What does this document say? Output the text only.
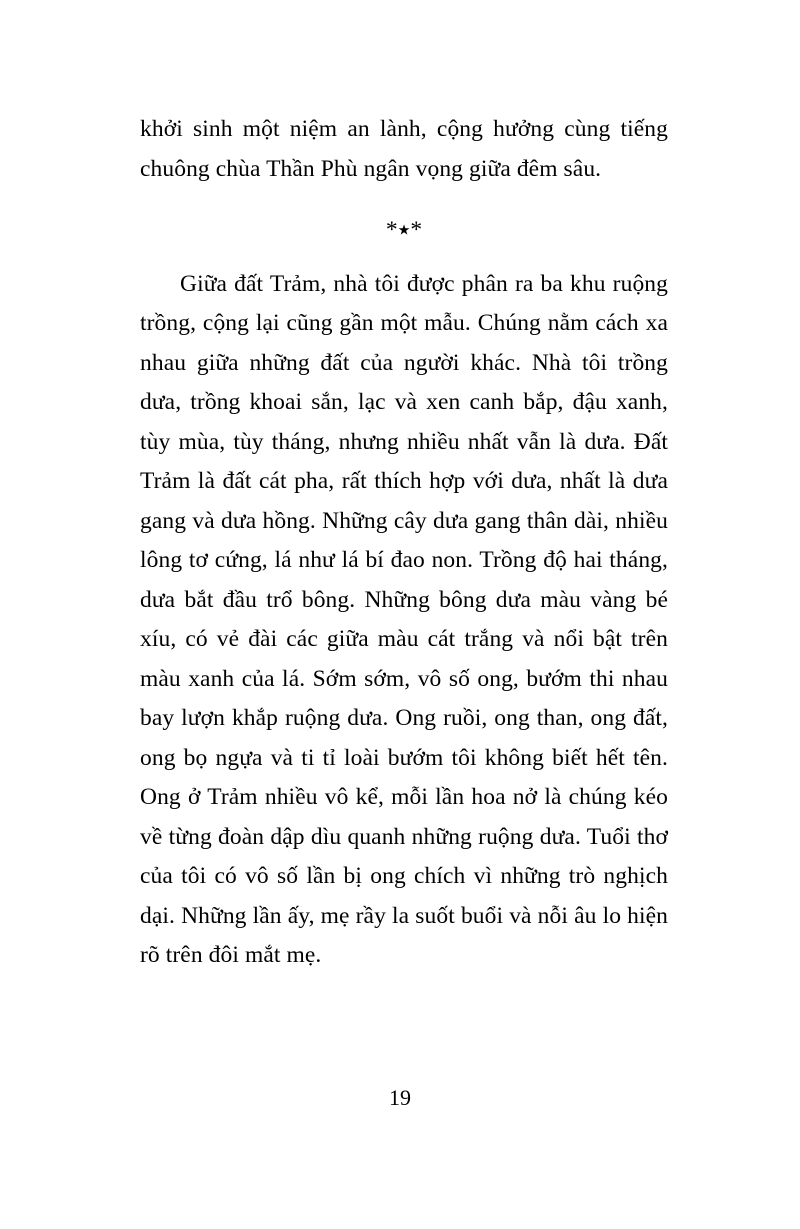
khởi sinh một niệm an lành, cộng hưởng cùng tiếng chuông chùa Thần Phù ngân vọng giữa đêm sâu.

*٭*

Giữa đất Trảm, nhà tôi được phân ra ba khu ruộng trồng, cộng lại cũng gần một mẫu. Chúng nằm cách xa nhau giữa những đất của người khác. Nhà tôi trồng dưa, trồng khoai sắn, lạc và xen canh bắp, đậu xanh, tùy mùa, tùy tháng, nhưng nhiều nhất vẫn là dưa. Đất Trảm là đất cát pha, rất thích hợp với dưa, nhất là dưa gang và dưa hồng. Những cây dưa gang thân dài, nhiều lông tơ cứng, lá như lá bí đao non. Trồng độ hai tháng, dưa bắt đầu trổ bông. Những bông dưa màu vàng bé xíu, có vẻ đài các giữa màu cát trắng và nổi bật trên màu xanh của lá. Sớm sớm, vô số ong, bướm thi nhau bay lượn khắp ruộng dưa. Ong ruồi, ong than, ong đất, ong bọ ngựa và ti tỉ loài bướm tôi không biết hết tên. Ong ở Trảm nhiều vô kể, mỗi lần hoa nở là chúng kéo về từng đoàn dập dìu quanh những ruộng dưa. Tuổi thơ của tôi có vô số lần bị ong chích vì những trò nghịch dại. Những lần ấy, mẹ rầy la suốt buổi và nỗi âu lo hiện rõ trên đôi mắt mẹ.

19
